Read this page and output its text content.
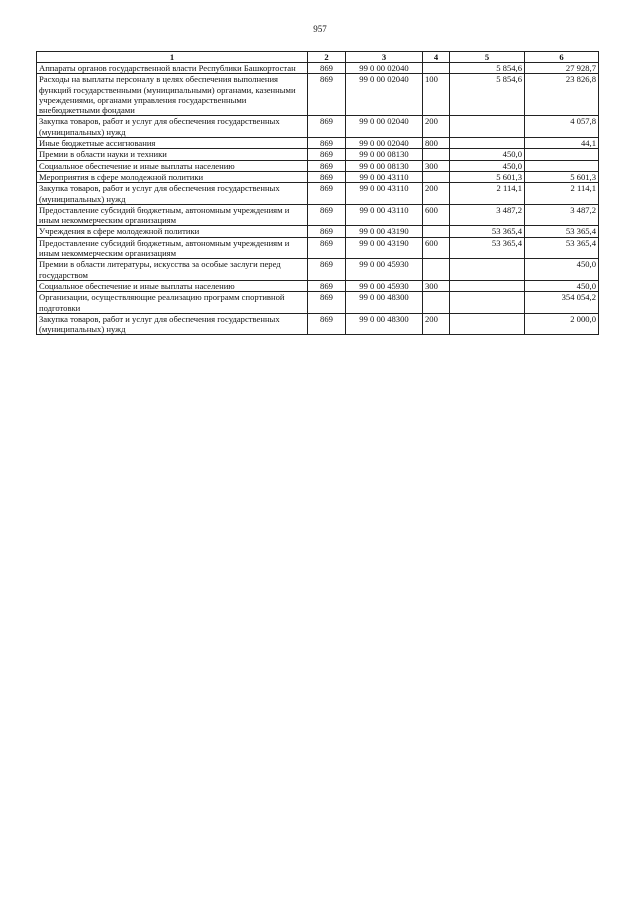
957
1	2	3	4	5	6
Аппараты органов государственной власти Республики Башкортостан	869	99 0 00 02040		5 854,6	27 928,7
Расходы на выплаты персоналу в целях обеспечения выполнения функций государственными (муниципальными) органами, казенными учреждениями, органами управления государственными внебюджетными фондами	869	99 0 00 02040	100	5 854,6	23 826,8
Закупка товаров, работ и услуг для обеспечения государственных (муниципальных) нужд	869	99 0 00 02040	200		4 057,8
Иные бюджетные ассигнования	869	99 0 00 02040	800		44,1
Премии в области науки и техники	869	99 0 00 08130		450,0	
Социальное обеспечение и иные выплаты населению	869	99 0 00 08130	300	450,0	
Мероприятия в сфере молодежной политики	869	99 0 00 43110		5 601,3	5 601,3
Закупка товаров, работ и услуг для обеспечения государственных (муниципальных) нужд	869	99 0 00 43110	200	2 114,1	2 114,1
Предоставление субсидий бюджетным, автономным учреждениям и иным некоммерческим организациям	869	99 0 00 43110	600	3 487,2	3 487,2
Учреждения в сфере молодежной политики	869	99 0 00 43190		53 365,4	53 365,4
Предоставление субсидий бюджетным, автономным учреждениям и иным некоммерческим организациям	869	99 0 00 43190	600	53 365,4	53 365,4
Премии в области литературы, искусства за особые заслуги перед государством	869	99 0 00 45930			450,0
Социальное обеспечение и иные выплаты населению	869	99 0 00 45930	300		450,0
Организации, осуществляющие реализацию программ спортивной подготовки	869	99 0 00 48300			354 054,2
Закупка товаров, работ и услуг для обеспечения государственных (муниципальных) нужд	869	99 0 00 48300	200		2 000,0
